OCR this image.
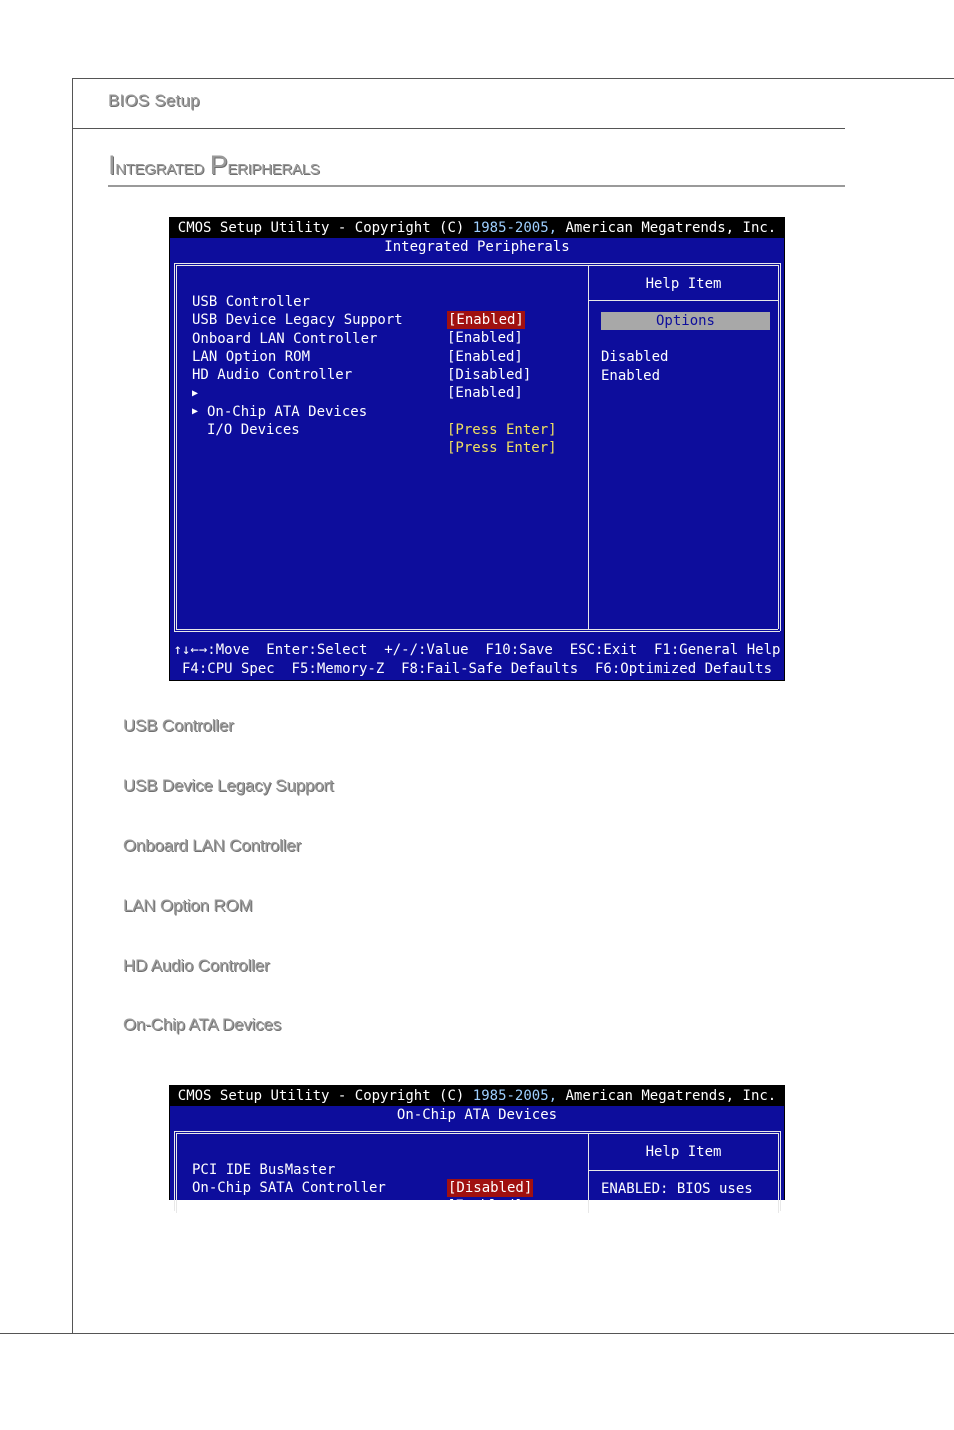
BIOS Setup
Integrated Peripherals
CMOS Setup Utility - Copyright (C) 1985-2005, American Megatrends, Inc.
Integrated Peripherals

USB Controller

[Enabled]

USB Device Legacy Support

[Enabled]

Onboard LAN Controller

[Enabled]

LAN Option ROM

[Disabled]

HD Audio Controller

[Enabled]

▶

On-Chip ATA Devices

[Press Enter]

▶

I/O Devices

[Press Enter]

Help Item
Options
Disabled
Enabled
↑↓←→:Move  Enter:Select  +/-/:Value  F10:Save  ESC:Exit  F1:General Help
F4:CPU Spec  F5:Memory-Z  F8:Fail-Safe Defaults  F6:Optimized Defaults
USB Controller
USB Device Legacy Support
Onboard LAN Controller
LAN Option ROM
HD Audio Controller
On-Chip ATA Devices
CMOS Setup Utility - Copyright (C) 1985-2005, American Megatrends, Inc.
On-Chip ATA Devices

PCI IDE BusMaster

[Disabled]

On-Chip SATA Controller

[Enabled]

RAID Mode

[IDE]

Help Item
ENABLED: BIOS uses
